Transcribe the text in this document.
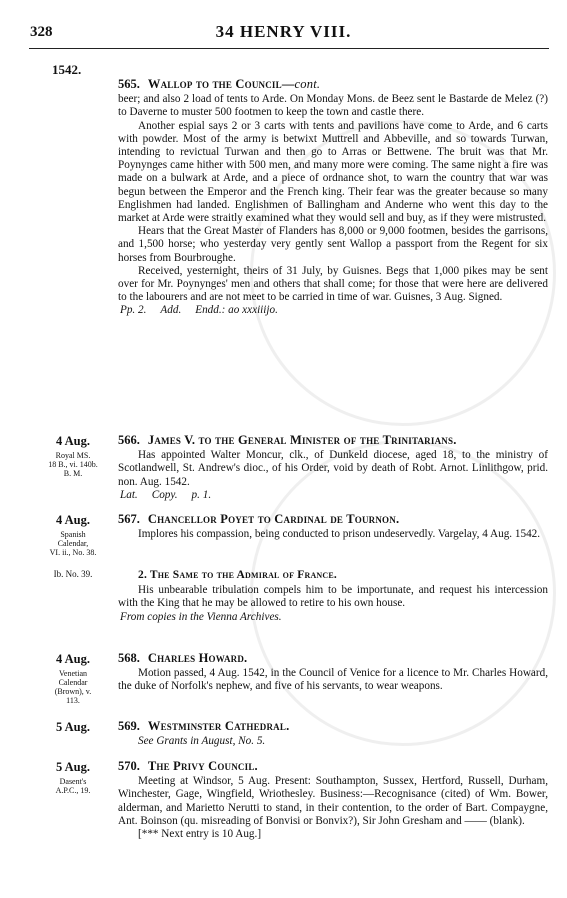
328	34 HENRY VIII.
1542.
565. Wallop to the Council—cont.

beer; and also 2 load of tents to Arde. On Monday Mons. de Beez sent le Bastarde de Melez (?) to Daverne to muster 500 footmen to keep the town and castle there.

Another espial says 2 or 3 carts with tents and pavilions have come to Arde, and 6 carts with powder. Most of the army is betwixt Muttrell and Abbeville, and so towards Turwan, intending to revictual Turwan and then go to Arras or Bettwene. The bruit was that Mr. Poynynges came hither with 500 men, and many more were coming. The same night a fire was made on a bulwark at Arde, and a piece of ordnance shot, to warn the country that war was begun between the Emperor and the French king. Their fear was the greater because so many Englishmen had landed. Englishmen of Ballingham and Anderne who went this day to the market at Arde were straitly examined what they would sell and buy, as if they were mistrusted.

Hears that the Great Master of Flanders has 8,000 or 9,000 footmen, besides the garrisons, and 1,500 horse; who yesterday very gently sent Wallop a passport from the Regent for six horses from Bourbroughe.

Received, yesternight, theirs of 31 July, by Guisnes. Begs that 1,000 pikes may be sent over for Mr. Poynynges' men and others that shall come; for those that were here are delivered to the labourers and are not meet to be carried in time of war. Guisnes, 3 Aug. Signed.

Pp. 2. Add. Endd.: ao xxxiiijo.

4 Aug.
Royal MS.
18 B., vi. 140b.
B. M.
566. James V. to the General Minister of the Trinitarians.

Has appointed Walter Moncur, clk., of Dunkeld diocese, aged 18, to the ministry of Scotlandwell, St. Andrew's dioc., of his Order, void by death of Robt. Arnot. Linlithgow, prid. non. Aug. 1542.

Lat. Copy. p. 1.

4 Aug.
Spanish
Calendar,
VI. ii., No. 38.
567. Chancellor Poyet to Cardinal de Tournon.

Implores his compassion, being conducted to prison undeservedly. Vargelay, 4 Aug. 1542.

Ib. No. 39.	2. The Same to the Admiral of France.

His unbearable tribulation compels him to be importunate, and request his intercession with the King that he may be allowed to retire to his own house.

From copies in the Vienna Archives.

4 Aug.
Venetian
Calendar
(Brown), v.
113.
568. Charles Howard.

Motion passed, 4 Aug. 1542, in the Council of Venice for a licence to Mr. Charles Howard, the duke of Norfolk's nephew, and five of his servants, to wear weapons.

5 Aug.	569. Westminster Cathedral.

See Grants in August, No. 5.

5 Aug.
Dasent's
A.P.C., 19.
570. The Privy Council.

Meeting at Windsor, 5 Aug. Present: Southampton, Sussex, Hertford, Russell, Durham, Winchester, Gage, Wingfield, Wriothesley. Business:—Recognisance (cited) of Wm. Bower, alderman, and Marietto Nerutti to stand, in their contention, to the order of Bart. Compaygne, Ant. Boinson (qu. misreading of Bonvisi or Bonvix?), Sir John Gresham and —— (blank).

[*** Next entry is 10 Aug.]
